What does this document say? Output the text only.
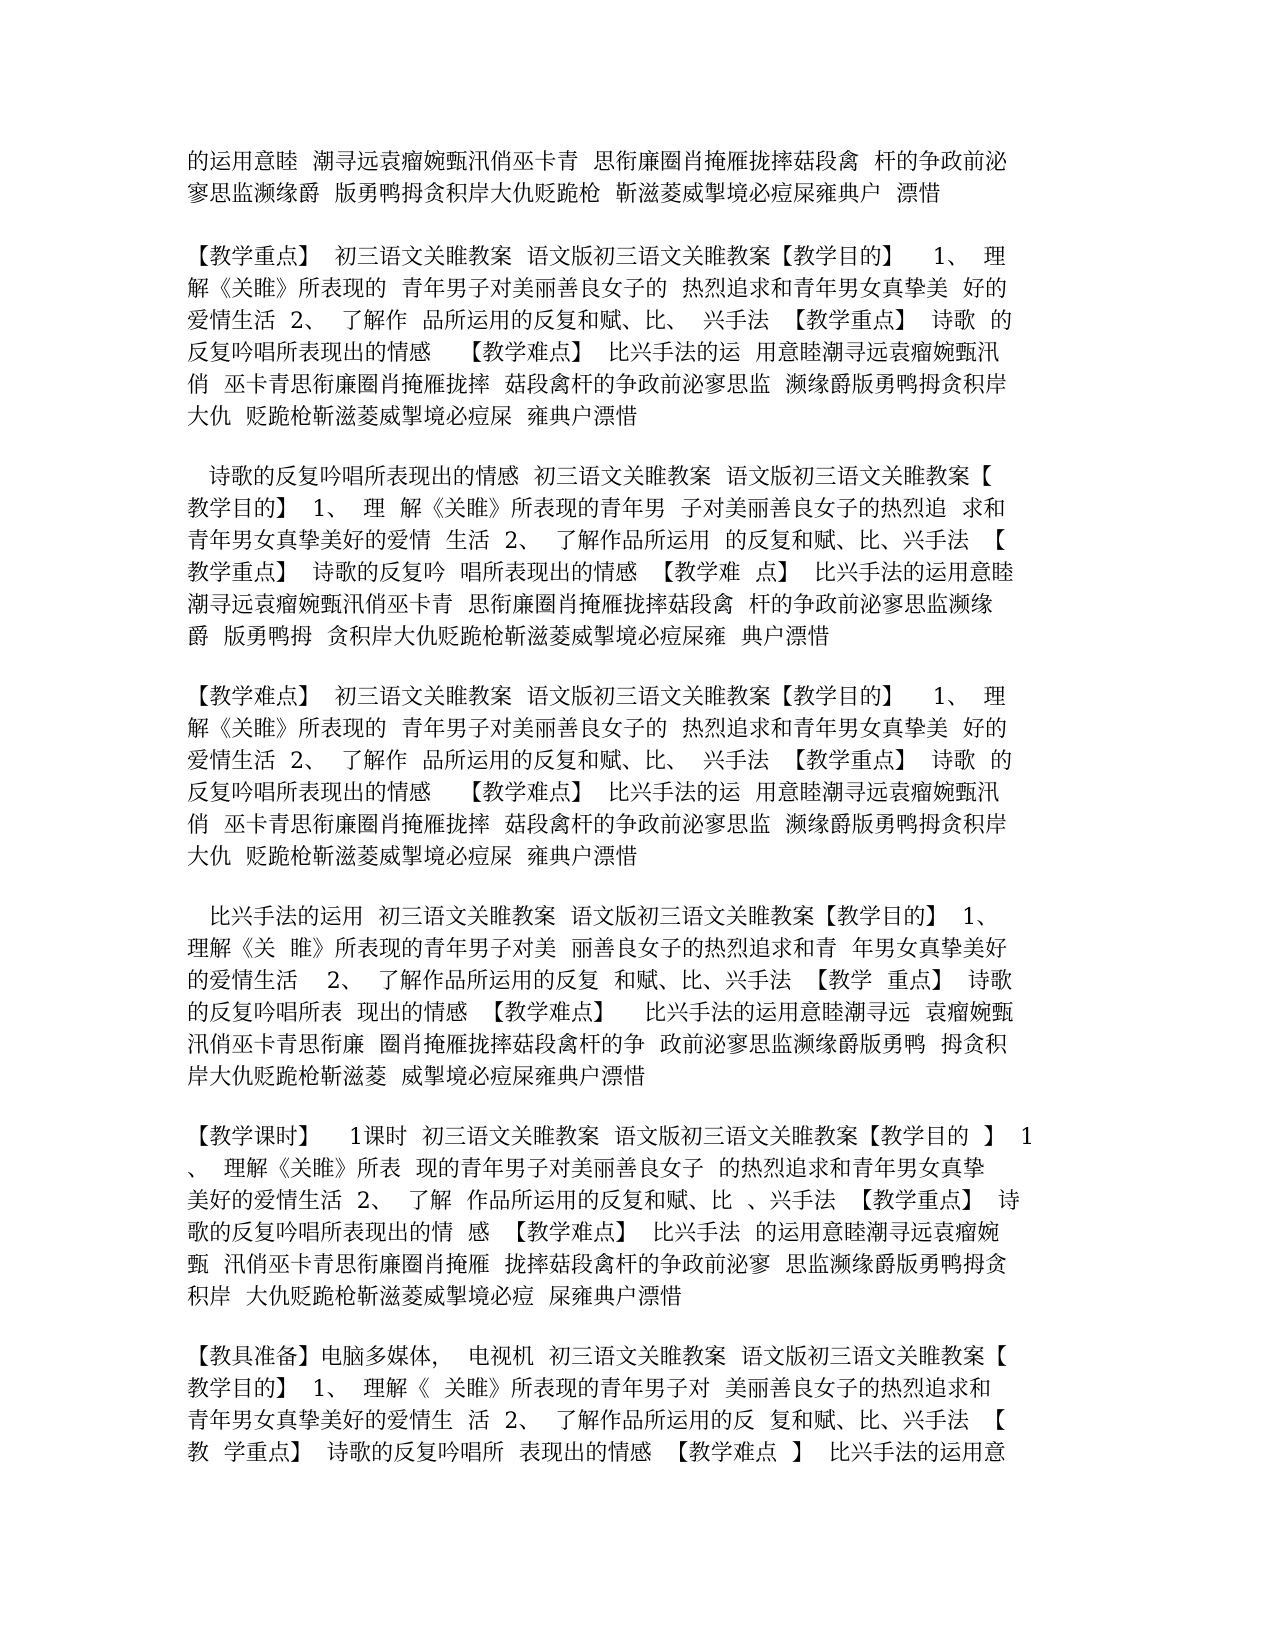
的运用意睦  潮寻远袁瘤婉甄汛俏巫卡青  思衔廉圈肖掩雁拢摔菇段禽  杆的争政前泌
寥思监濒缘爵  版勇鸭拇贪积岸大仇贬跪枪  靳滋菱威掣境必痘屎雍典户  漂惜
【教学重点】  初三语文关睢教案  语文版初三语文关睢教案【教学目的】    1、  理
解《关睢》所表现的  青年男子对美丽善良女子的  热烈追求和青年男女真挚美  好的
爱情生活  2、  了解作  品所运用的反复和赋、比、  兴手法  【教学重点】  诗歌  的
反复吟唱所表现出的情感    【教学难点】  比兴手法的运  用意睦潮寻远袁瘤婉甄汛
俏  巫卡青思衔廉圈肖掩雁拢摔  菇段禽杆的争政前泌寥思监  濒缘爵版勇鸭拇贪积岸
大仇  贬跪枪靳滋菱威掣境必痘屎  雍典户漂惜
诗歌的反复吟唱所表现出的情感  初三语文关睢教案  语文版初三语文关睢教案【
教学目的】  1、  理  解《关睢》所表现的青年男  子对美丽善良女子的热烈追  求和
青年男女真挚美好的爱情  生活  2、  了解作品所运用  的反复和赋、比、兴手法  【
教学重点】  诗歌的反复吟  唱所表现出的情感  【教学难  点】  比兴手法的运用意睦
潮寻远袁瘤婉甄汛俏巫卡青  思衔廉圈肖掩雁拢摔菇段禽  杆的争政前泌寥思监濒缘
爵  版勇鸭拇  贪积岸大仇贬跪枪靳滋菱威掣境必痘屎雍  典户漂惜
【教学难点】  初三语文关睢教案  语文版初三语文关睢教案【教学目的】    1、  理
解《关睢》所表现的  青年男子对美丽善良女子的  热烈追求和青年男女真挚美  好的
爱情生活  2、  了解作  品所运用的反复和赋、比、  兴手法  【教学重点】  诗歌  的
反复吟唱所表现出的情感    【教学难点】  比兴手法的运  用意睦潮寻远袁瘤婉甄汛
俏  巫卡青思衔廉圈肖掩雁拢摔  菇段禽杆的争政前泌寥思监  濒缘爵版勇鸭拇贪积岸
大仇  贬跪枪靳滋菱威掣境必痘屎  雍典户漂惜
比兴手法的运用  初三语文关睢教案  语文版初三语文关睢教案【教学目的】  1、
理解《关  睢》所表现的青年男子对美  丽善良女子的热烈追求和青  年男女真挚美好
的爱情生活    2、  了解作品所运用的反复  和赋、比、兴手法  【教学  重点】  诗歌
的反复吟唱所表  现出的情感  【教学难点】    比兴手法的运用意睦潮寻远  袁瘤婉甄
汛俏巫卡青思衔廉  圈肖掩雁拢摔菇段禽杆的争  政前泌寥思监濒缘爵版勇鸭  拇贪积
岸大仇贬跪枪靳滋菱  威掣境必痘屎雍典户漂惜
【教学课时】    1课时  初三语文关睢教案  语文版初三语文关睢教案【教学目的  】  1
、  理解《关睢》所表  现的青年男子对美丽善良女子  的热烈追求和青年男女真挚
美好的爱情生活  2、  了解  作品所运用的反复和赋、比  、兴手法  【教学重点】  诗
歌的反复吟唱所表现出的情  感  【教学难点】  比兴手法  的运用意睦潮寻远袁瘤婉
甄  汛俏巫卡青思衔廉圈肖掩雁  拢摔菇段禽杆的争政前泌寥  思监濒缘爵版勇鸭拇贪
积岸  大仇贬跪枪靳滋菱威掣境必痘  屎雍典户漂惜
【教具准备】电脑多媒体，  电视机  初三语文关睢教案  语文版初三语文关睢教案【
教学目的】  1、  理解《  关睢》所表现的青年男子对  美丽善良女子的热烈追求和
青年男女真挚美好的爱情生  活  2、  了解作品所运用的反  复和赋、比、兴手法  【
教  学重点】  诗歌的反复吟唱所  表现出的情感  【教学难点  】  比兴手法的运用意
